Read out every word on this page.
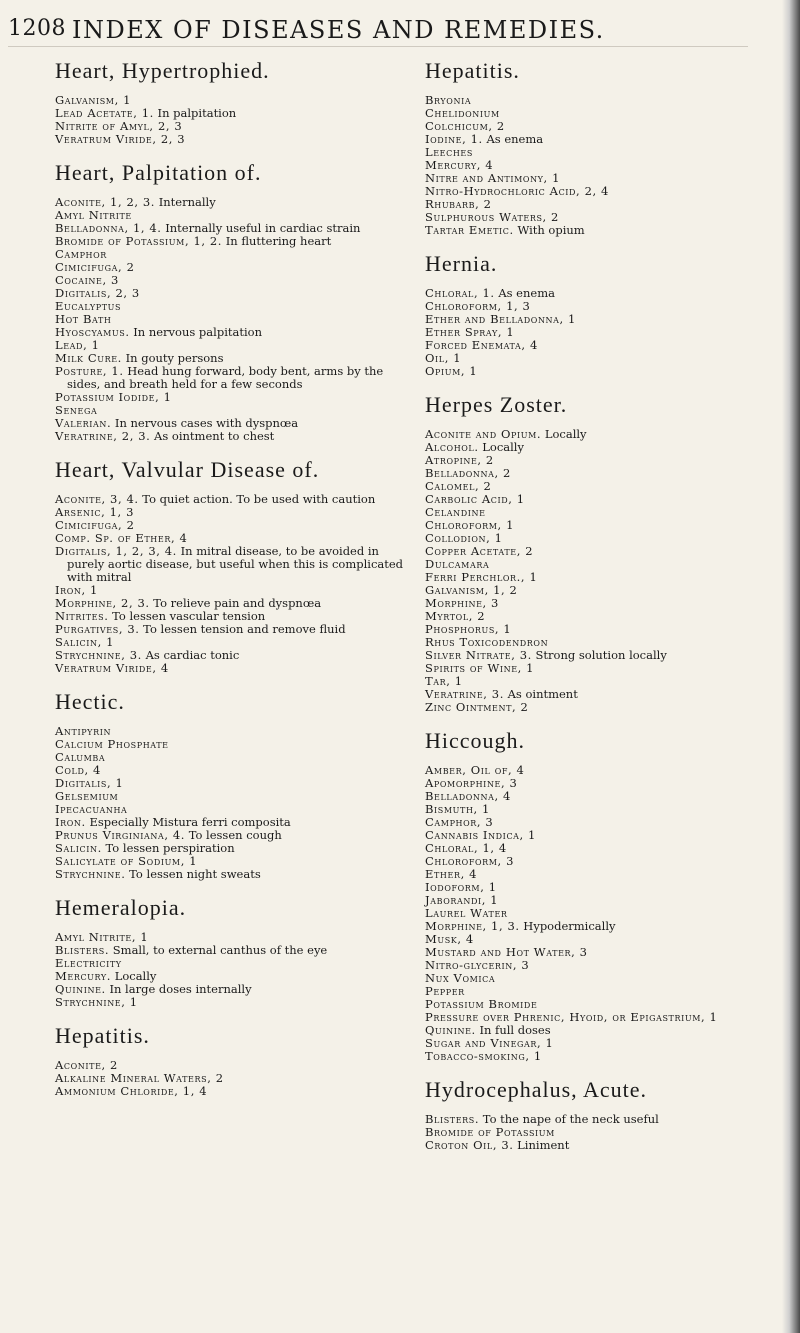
1208 INDEX OF DISEASES AND REMEDIES.
Heart, Hypertrophied.

Galvanism, 1

Lead Acetate, 1. In palpitation

Nitrite of Amyl, 2, 3

Veratrum Viride, 2, 3

Heart, Palpitation of.

Aconite, 1, 2, 3. Internally

Amyl Nitrite

Belladonna, 1, 4. Internally useful in cardiac strain

Bromide of Potassium, 1, 2. In fluttering heart

Camphor

Cimicifuga, 2

Cocaine, 3

Digitalis, 2, 3

Eucalyptus

Hot Bath

Hyoscyamus. In nervous palpitation

Lead, 1

Milk Cure. In gouty persons

Posture, 1. Head hung forward, body bent, arms by the sides, and breath held for a few seconds

Potassium Iodide, 1

Senega

Valerian. In nervous cases with dyspnœa

Veratrine, 2, 3. As ointment to chest

Heart, Valvular Disease of.

Aconite, 3, 4. To quiet action. To be used with caution

Arsenic, 1, 3

Cimicifuga, 2

Comp. Sp. of Ether, 4

Digitalis, 1, 2, 3, 4. In mitral disease, to be avoided in purely aortic disease, but useful when this is complicated with mitral

Iron, 1

Morphine, 2, 3. To relieve pain and dyspnœa

Nitrites. To lessen vascular tension

Purgatives, 3. To lessen tension and remove fluid

Salicin, 1

Strychnine, 3. As cardiac tonic

Veratrum Viride, 4

Hectic.

Antipyrin

Calcium Phosphate

Calumba

Cold, 4

Digitalis, 1

Gelsemium

Ipecacuanha

Iron. Especially Mistura ferri composita

Prunus Virginiana, 4. To lessen cough

Salicin. To lessen perspiration

Salicylate of Sodium, 1

Strychnine. To lessen night sweats

Hemeralopia.

Amyl Nitrite, 1

Blisters. Small, to external canthus of the eye

Electricity

Mercury. Locally

Quinine. In large doses internally

Strychnine, 1

Hepatitis.

Aconite, 2

Alkaline Mineral Waters, 2

Ammonium Chloride, 1, 4

Hepatitis.

Bryonia

Chelidonium

Colchicum, 2

Iodine, 1. As enema

Leeches

Mercury, 4

Nitre and Antimony, 1

Nitro-Hydrochloric Acid, 2, 4

Rhubarb, 2

Sulphurous Waters, 2

Tartar Emetic. With opium

Hernia.

Chloral, 1. As enema

Chloroform, 1, 3

Ether and Belladonna, 1

Ether Spray, 1

Forced Enemata, 4

Oil, 1

Opium, 1

Herpes Zoster.

Aconite and Opium. Locally

Alcohol. Locally

Atropine, 2

Belladonna, 2

Calomel, 2

Carbolic Acid, 1

Celandine

Chloroform, 1

Collodion, 1

Copper Acetate, 2

Dulcamara

Ferri Perchlor., 1

Galvanism, 1, 2

Morphine, 3

Myrtol, 2

Phosphorus, 1

Rhus Toxicodendron

Silver Nitrate, 3. Strong solution locally

Spirits of Wine, 1

Tar, 1

Veratrine, 3. As ointment

Zinc Ointment, 2

Hiccough.

Amber, Oil of, 4

Apomorphine, 3

Belladonna, 4

Bismuth, 1

Camphor, 3

Cannabis Indica, 1

Chloral, 1, 4

Chloroform, 3

Ether, 4

Iodoform, 1

Jaborandi, 1

Laurel Water

Morphine, 1, 3. Hypodermically

Musk, 4

Mustard and Hot Water, 3

Nitro-glycerin, 3

Nux Vomica

Pepper

Potassium Bromide

Pressure over Phrenic, Hyoid, or Epigastrium, 1

Quinine. In full doses

Sugar and Vinegar, 1

Tobacco-smoking, 1

Hydrocephalus, Acute.

Blisters. To the nape of the neck useful

Bromide of Potassium

Croton Oil, 3. Liniment
